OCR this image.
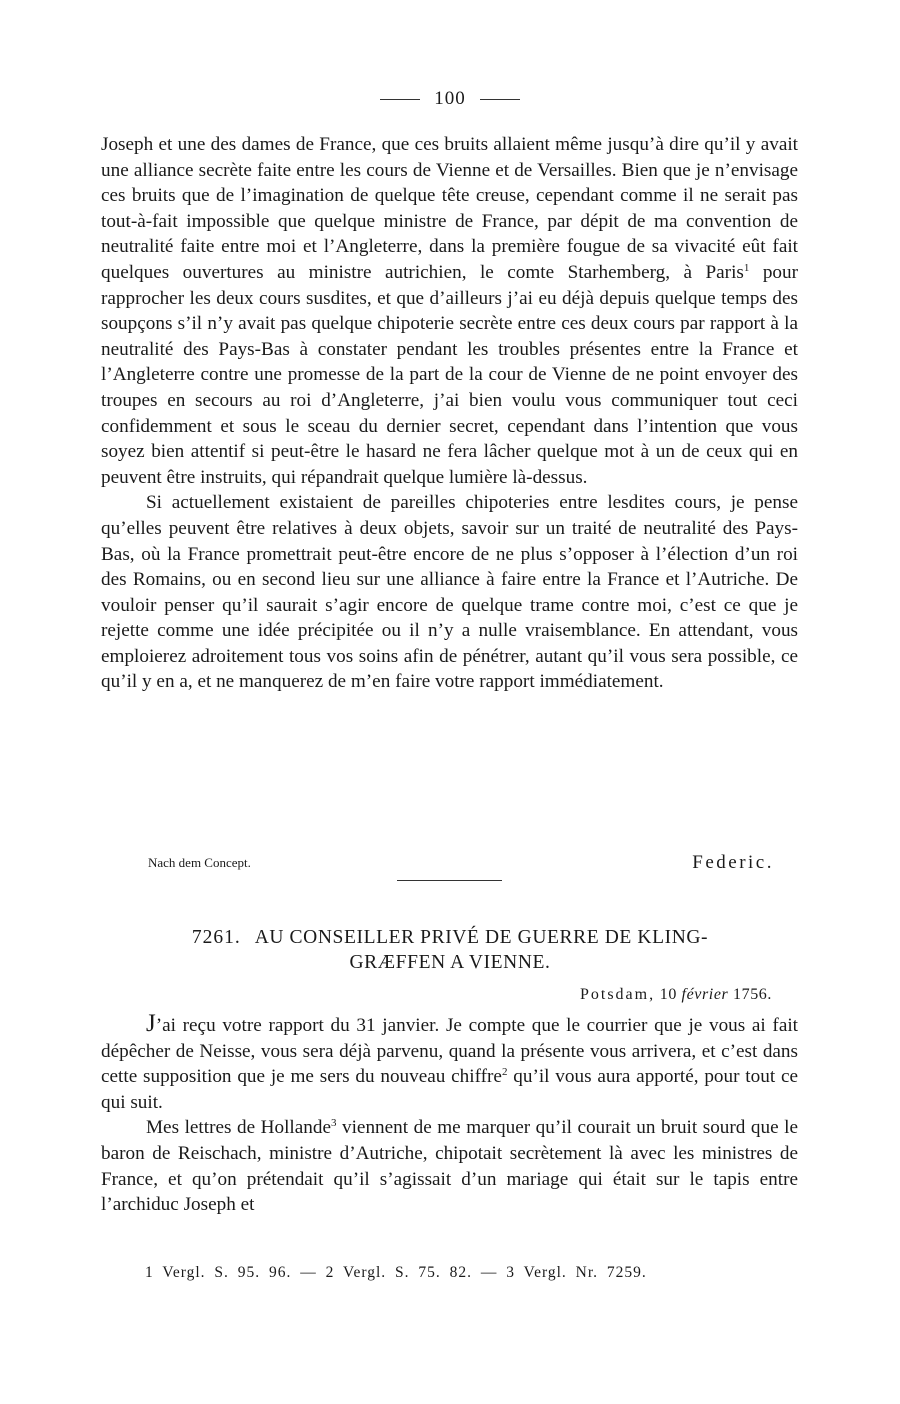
100

Joseph et une des dames de France, que ces bruits allaient même jusqu’à dire qu’il y avait une alliance secrète faite entre les cours de Vienne et de Versailles. Bien que je n’envisage ces bruits que de l’imagination de quelque tête creuse, cependant comme il ne serait pas tout-à-fait impossible que quelque ministre de France, par dépit de ma convention de neutralité faite entre moi et l’Angleterre, dans la première fougue de sa vivacité eût fait quelques ouvertures au ministre autrichien, le comte Starhemberg, à Paris$^1$ pour rapprocher les deux cours susdites, et que d’ailleurs j’ai eu déjà depuis quelque temps des soupçons s’il n’y avait pas quelque chipoterie secrète entre ces deux cours par rapport à la neutralité des Pays-Bas à constater pendant les troubles présentes entre la France et l’Angleterre contre une promesse de la part de la cour de Vienne de ne point envoyer des troupes en secours au roi d’Angleterre, j’ai bien voulu vous communiquer tout ceci confidemment et sous le sceau du dernier secret, cependant dans l’intention que vous soyez bien attentif si peut-être le hasard ne fera lâcher quelque mot à un de ceux qui en peuvent être instruits, qui répandrait quelque lumière là-dessus.

Si actuellement existaient de pareilles chipoteries entre lesdites cours, je pense qu’elles peuvent être relatives à deux objets, savoir sur un traité de neutralité des Pays-Bas, où la France promettrait peut-être encore de ne plus s’opposer à l’élection d’un roi des Romains, ou en second lieu sur une alliance à faire entre la France et l’Autriche. De vouloir penser qu’il saurait s’agir encore de quelque trame contre moi, c’est ce que je rejette comme une idée précipitée ou il n’y a nulle vraisemblance. En attendant, vous emploierez adroitement tous vos soins afin de pénétrer, autant qu’il vous sera possible, ce qu’il y en a, et ne manquerez de m’en faire votre rapport immédiatement.

Nach dem Concept.	Federic.
7261. AU CONSEILLER PRIVÉ DE GUERRE DE KLING-
GRÆFFEN A VIENNE.
Potsdam, 10 février 1756.

J’ai reçu votre rapport du 31 janvier. Je compte que le courrier que je vous ai fait dépêcher de Neisse, vous sera déjà parvenu, quand la présente vous arrivera, et c’est dans cette supposition que je me sers du nouveau chiffre$^2$ qu’il vous aura apporté, pour tout ce qui suit.

Mes lettres de Hollande$^3$ viennent de me marquer qu’il courait un bruit sourd que le baron de Reischach, ministre d’Autriche, chipotait secrètement là avec les ministres de France, et qu’on prétendait qu’il s’agissait d’un mariage qui était sur le tapis entre l’archiduc Joseph et

1 Vergl. S. 95. 96. — 2 Vergl. S. 75. 82. — 3 Vergl. Nr. 7259.
